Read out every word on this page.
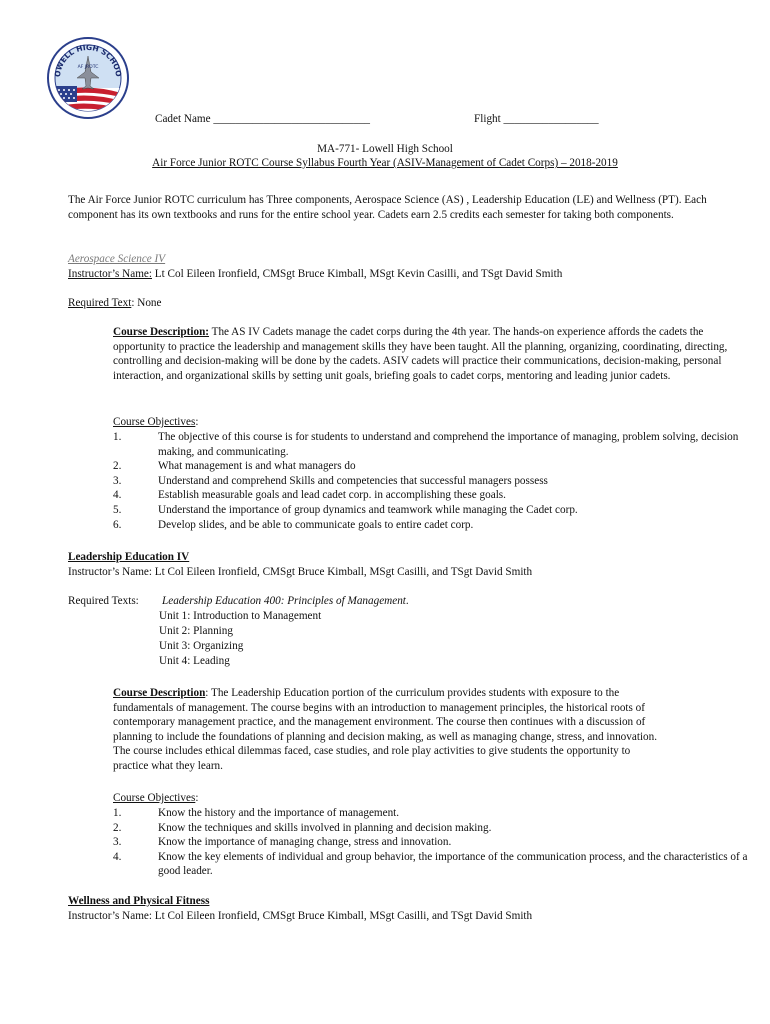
OWELL HIGH SCHOO
AF JROTC
Cadet Name ____________________________	Flight _________________
MA-771- Lowell High School
Air Force Junior ROTC Course Syllabus Fourth Year (ASIV-Management of Cadet Corps) – 2018-2019
The Air Force Junior ROTC curriculum has Three components, Aerospace Science (AS) , Leadership Education (LE) and Wellness (PT). Each component has its own textbooks and runs for the entire school year. Cadets earn 2.5 credits each semester for taking both components.
Aerospace Science IV
Instructor’s Name: Lt Col Eileen Ironfield, CMSgt Bruce Kimball, MSgt Kevin Casilli, and TSgt David Smith
Required Text: None
Course Description: The AS IV Cadets manage the cadet corps during the 4th year. The hands-on experience affords the cadets the opportunity to practice the leadership and management skills they have been taught. All the planning, organizing, coordinating, directing, controlling and decision-making will be done by the cadets. ASIV cadets will practice their communications, decision-making, personal interaction, and organizational skills by setting unit goals, briefing goals to cadet corps, mentoring and leading junior cadets.
Course Objectives:
1.	The objective of this course is for students to understand and comprehend the importance of managing, problem solving, decision making, and communicating.
2.	What management is and what managers do
3.	Understand and comprehend Skills and competencies that successful managers possess
4.	Establish measurable goals and lead cadet corp. in accomplishing these goals.
5.	Understand the importance of group dynamics and teamwork while managing the Cadet corp.
6.	Develop slides, and be able to communicate goals to entire cadet corp.
Leadership Education IV
Instructor’s Name: Lt Col Eileen Ironfield, CMSgt Bruce Kimball, MSgt Casilli, and TSgt David Smith
Required Texts: Leadership Education 400: Principles of Management.
Unit 1: Introduction to Management
Unit 2: Planning
Unit 3: Organizing
Unit 4: Leading
Course Description: The Leadership Education portion of the curriculum provides students with exposure to the fundamentals of management. The course begins with an introduction to management principles, the historical roots of contemporary management practice, and the management environment. The course then continues with a discussion of planning to include the foundations of planning and decision making, as well as managing change, stress, and innovation. The course includes ethical dilemmas faced, case studies, and role play activities to give students the opportunity to practice what they learn.
Course Objectives:
1.	Know the history and the importance of management.
2.	Know the techniques and skills involved in planning and decision making.
3.	Know the importance of managing change, stress and innovation.
4.	Know the key elements of individual and group behavior, the importance of the communication process, and the characteristics of a good leader.
Wellness and Physical Fitness
Instructor’s Name: Lt Col Eileen Ironfield, CMSgt Bruce Kimball, MSgt Casilli, and TSgt David Smith
